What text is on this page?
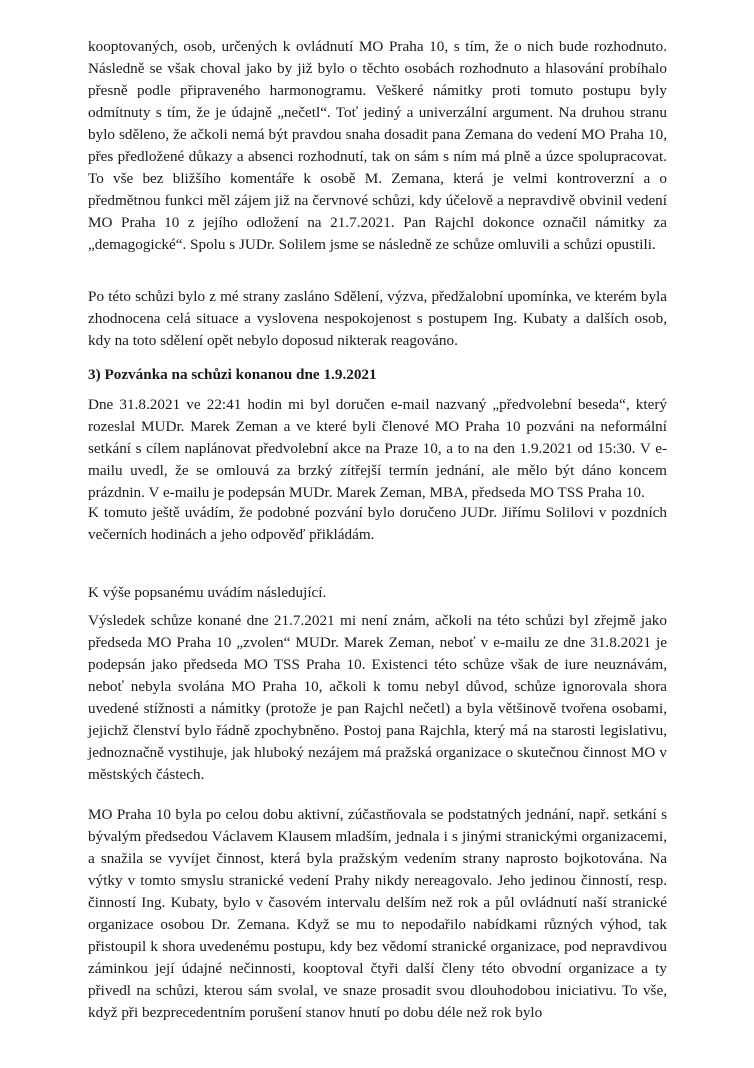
kooptovaných, osob, určených k ovládnutí MO Praha 10, s tím, že o nich bude rozhodnuto. Následně se však choval jako by již bylo o těchto osobách rozhodnuto a hlasování probíhalo přesně podle připraveného harmonogramu. Veškeré námitky proti tomuto postupu byly odmítnuty s tím, že je údajně „nečetl“. Toť jediný a univerzální argument. Na druhou stranu bylo sděleno, že ačkoli nemá být pravdou snaha dosadit pana Zemana do vedení MO Praha 10, přes předložené důkazy a absenci rozhodnutí, tak on sám s ním má plně a úzce spolupracovat. To vše bez bližšího komentáře k osobě M. Zemana, která je velmi kontroverzní a o předmětnou funkci měl zájem již na červnové schůzi, kdy účelově a nepravdivě obvinil vedení MO Praha 10 z jejího odložení na 21.7.2021. Pan Rajchl dokonce označil námitky za „demagogické“. Spolu s JUDr. Solilem jsme se následně ze schůze omluvili a schůzi opustili.

Po této schůzi bylo z mé strany zasláno Sdělení, výzva, předžalobní upomínka, ve kterém byla zhodnocena celá situace a vyslovena nespokojenost s postupem Ing. Kubaty a dalších osob, kdy na toto sdělení opět nebylo doposud nikterak reagováno.

3) Pozvánka na schůzi konanou dne 1.9.2021

Dne 31.8.2021 ve 22:41 hodin mi byl doručen e-mail nazvaný „předvolební beseda“, který rozeslal MUDr. Marek Zeman a ve které byli členové MO Praha 10 pozváni na neformální setkání s cílem naplánovat předvolební akce na Praze 10, a to na den 1.9.2021 od 15:30. V e-mailu uvedl, že se omlouvá za brzký zítřejší termín jednání, ale mělo být dáno koncem prázdnin. V e-mailu je podepsán MUDr. Marek Zeman, MBA, předseda MO TSS Praha 10.

K tomuto ještě uvádím, že podobné pozvání bylo doručeno JUDr. Jiřímu Solilovi v pozdních večerních hodinách a jeho odpověď přikládám.

K výše popsanému uvádím následující.

Výsledek schůze konané dne 21.7.2021 mi není znám, ačkoli na této schůzi byl zřejmě jako předseda MO Praha 10 „zvolen“ MUDr. Marek Zeman, neboť v e-mailu ze dne 31.8.2021 je podepsán jako předseda MO TSS Praha 10. Existenci této schůze však de iure neuznávám, neboť nebyla svolána MO Praha 10, ačkoli k tomu nebyl důvod, schůze ignorovala shora uvedené stížnosti a námitky (protože je pan Rajchl nečetl) a byla většinově tvořena osobami, jejichž členství bylo řádně zpochybněno. Postoj pana Rajchla, který má na starosti legislativu, jednoznačně vystihuje, jak hluboký nezájem má pražská organizace o skutečnou činnost MO v městských částech.

MO Praha 10 byla po celou dobu aktivní, zúčastňovala se podstatných jednání, např. setkání s bývalým předsedou Václavem Klausem mladším, jednala i s jinými stranickými organizacemi, a snažila se vyvíjet činnost, která byla pražským vedením strany naprosto bojkotována. Na výtky v tomto smyslu stranické vedení Prahy nikdy nereagovalo. Jeho jedinou činností, resp. činností Ing. Kubaty, bylo v časovém intervalu delším než rok a půl ovládnutí naší stranické organizace osobou Dr. Zemana. Když se mu to nepodařilo nabídkami různých výhod, tak přistoupil k shora uvedenému postupu, kdy bez vědomí stranické organizace, pod nepravdivou záminkou její údajné nečinnosti, kooptoval čtyři další členy této obvodní organizace a ty přivedl na schůzi, kterou sám svolal, ve snaze prosadit svou dlouhodobou iniciativu. To vše, když při bezprecedentním porušení stanov hnutí po dobu déle než rok bylo
